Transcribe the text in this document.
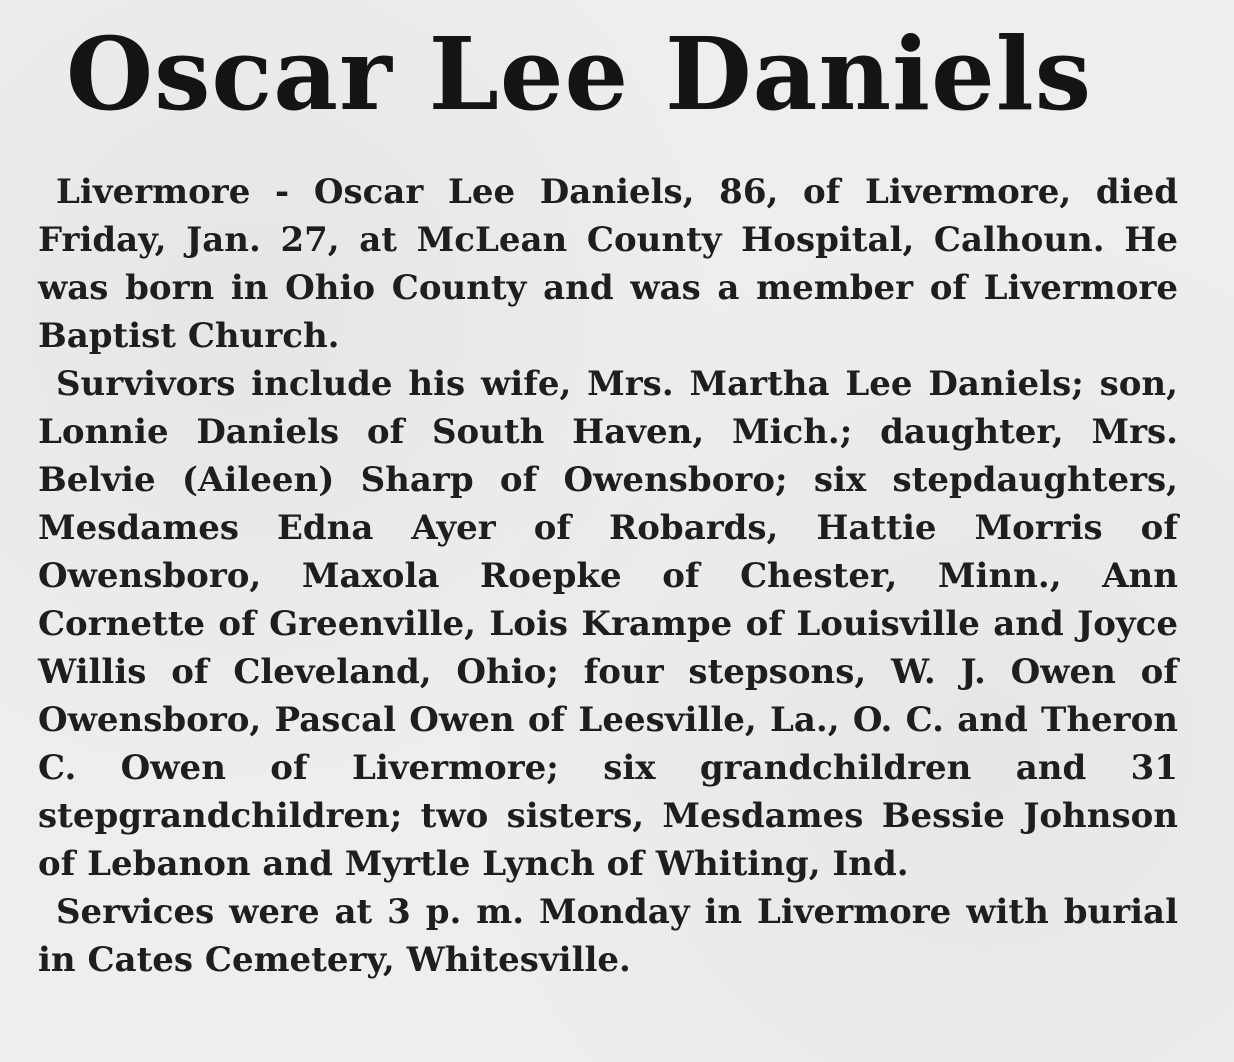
Oscar Lee Daniels

Livermore - Oscar Lee Daniels, 86, of Livermore, died Friday, Jan. 27, at McLean County Hospital, Calhoun. He was born in Ohio County and was a member of Livermore Baptist Church.

Survivors include his wife, Mrs. Martha Lee Daniels; son, Lonnie Daniels of South Haven, Mich.; daughter, Mrs. Belvie (Aileen) Sharp of Owensboro; six stepdaughters, Mesdames Edna Ayer of Robards, Hattie Morris of Owensboro, Maxola Roepke of Chester, Minn., Ann Cornette of Greenville, Lois Krampe of Louisville and Joyce Willis of Cleveland, Ohio; four stepsons, W. J. Owen of Owensboro, Pascal Owen of Leesville, La., O. C. and Theron C. Owen of Livermore; six grandchildren and 31 stepgrandchildren; two sisters, Mesdames Bessie Johnson of Lebanon and Myrtle Lynch of Whiting, Ind.

Services were at 3 p. m. Monday in Livermore with burial in Cates Cemetery, Whitesville.
